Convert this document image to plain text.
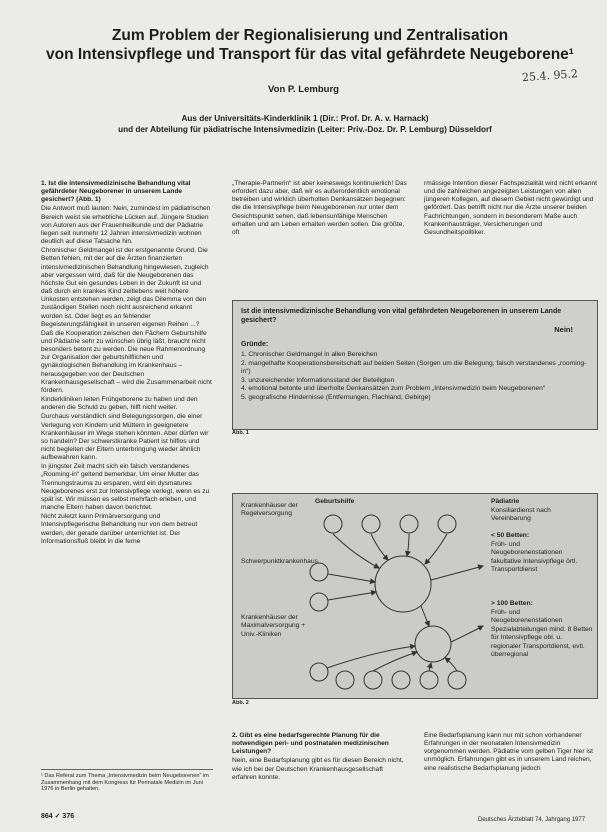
Zum Problem der Regionalisierung und Zentralisation
von Intensivpflege und Transport für das vital gefährdete Neugeborene¹
Von P. Lemburg
25.4. 95.2
Aus der Universitäts-Kinderklinik 1 (Dir.: Prof. Dr. A. v. Harnack)
und der Abteilung für pädiatrische Intensivmedizin (Leiter: Priv.-Doz. Dr. P. Lemburg) Düsseldorf

1. Ist die intensivmedizinische Behandlung vital gefährdeter Neugeborener in unserem Lande gesichert? (Abb. 1)

Die Antwort muß lauten: Nein, zumindest im pädiatrischen Bereich weist sie erhebliche Lücken auf. Jüngere Studien von Autoren aus der Frauenheilkunde und der Pädiatrie liegen seit nunmehr 12 Jahren intensivmedizin wohnen deutlich auf diese Tatsache hin.

Chronischer Geldmangel ist der erstgenannte Grund. Die Betten fehlen, mit der auf die Ärzten finanzierten intensivmedizinischen Behandlung hingewiesen, zugleich aber vergessen wird, daß für die Neugeborenen das höchste Gut ein gesundes Leben in der Zukunft ist und daß durch ein krankes Kind zeitlebens weit höhere Unkosten entstehen werden, zeigt das Dilemma von den zuständigen Stellen noch nicht ausreichend erkannt worden ist. Oder liegt es an fehlender Begeisterungsfähigkeit in unseren eigenen Reihen ...?

Daß die Kooperation zwischen den Fächern Geburtshilfe und Pädiatrie sehr zu wünschen übrig läßt, braucht nicht besonders betont zu werden. Die neue Rahmenordnung zur Organisation der geburtshilflichen und gynäkologischen Behandlung im Krankenhaus – herausgegeben von der Deutschen Krankenhausgesellschaft – wird die Zusammenarbeit nicht fördern.

Kinderkliniken leiten Frühgeborene zu haben und den anderen die Schuld zu geben, hilft nicht weiter.

Durchaus verständlich sind Belegungssorgen, die einer Verlegung von Kindern und Müttern in geeignetere Krankenhäuser im Wege stehen könnten. Aber dürfen wir so handeln? Der schwerstkranke Patient ist hilflos und nicht begleiten der Eltern unterbringung wieder ähnlich aufbewahren kann.

In jüngster Zeit macht sich ein falsch verstandenes „Rooming-in“ geltend bemerkbar. Um einer Mutter das Trennungstrauma zu ersparen, wird ein dysmatures Neugeborenes erst zur Intensivpflege verlegt, wenn es zu spät ist. Wir müssen es selbst mehrfach erleben, und manche Eltern haben davon berichtet.

Nicht zuletzt kann Primärversorgung und Intensivpflegerische Behandlung nur von dem betreut werden, der gerade darüber unterrichtet ist. Der Informationsfluß bleibt in die ferne

„Therapie-Partnerin“ ist aber keineswegs kontinuierlich! Das erfordert dazu aber, daß wir es außerordentlich emotional betreiben und wirklich überholten Denkansätzen begegnen: die die Intensivpflege beim Neugeborenen nur unter dem Gesichtspunkt sehen, daß lebensunfähige Menschen erhalten und am Leben erhalten werden sollen. Die größte, oft

rmässige Intention dieser Fachspezialität wird nicht erkannt und die zahlreichen angezeigten Leistungen von allen jüngeren Kollegen, auf diesem Gebiet nicht gewürdigt und gefördert. Das betrifft nicht nur die Ärzte unserer beiden Fachrichtungen, sondern in besonderem Maße auch Krankenhausträger, Versicherungen und Gesundheitspolitiker.

Ist die intensivmedizinische Behandlung von vital gefährdeten Neugeborenen in unserem Lande gesichert?
Nein!
Gründe:
1. Chronischer Geldmangel in allen Bereichen
2. mangelhafte Kooperationsbereitschaft auf beiden Seiten (Sorgen um die Belegung, falsch verstandenes „rooming-in“)
3. unzureichender Informationsstand der Beteiligten
4. emotional betonte und überholte Denkansätzen zum Problem „Intensivmedizin beim Neugeborenen“
5. geografische Hindernisse (Entfernungen, Flachland, Gebirge)
Abb. 1
Krankenhäuser der Regelversorgung
Geburtshilfe
Schwerpunktkrankenhaus
Krankenhäuser der Maximalversorgung + Univ.-Kliniken
Pädiatrie
Konsiliardienst nach Vereinbarung
< 50 Betten:
Früh- und Neugeborenenstationen fakultative Intensivpflege örtl. Transportdienst
> 100 Betten:
Früh- und Neugeborenenstationen Spezialabteilungen mind. 8 Betten für Intensivpflege obl. u. regionaler Transportdienst, evtl. überregional
Abb. 2

2. Gibt es eine bedarfsgerechte Planung für die notwendigen peri- und postnatalen medizinischen Leistungen?

Nein, eine Bedarfsplanung gibt es für diesen Bereich nicht, wie ich bei der Deutschen Krankenhausgesellschaft erfahren konnte.

Eine Bedarfsplanung kann nur mit schon vorhandener Erfahrungen in der neonatalen Intensivmedizin vorgenommen werden. Pädiatrie vom gelben Tiger hier ist unmöglich. Erfahrungen gibt es in unserem Land reichen, eine realistische Bedarfsplanung jedoch

¹ Das Referat zum Thema „Intensivmedizin beim Neugeborenen“ im Zusammenhang mit dem Kongress für Perinatale Medizin im Juni 1976 in Berlin gehalten.
864 ✓ 376	Deutsches Ärzteblatt 74, Jahrgang 1977
